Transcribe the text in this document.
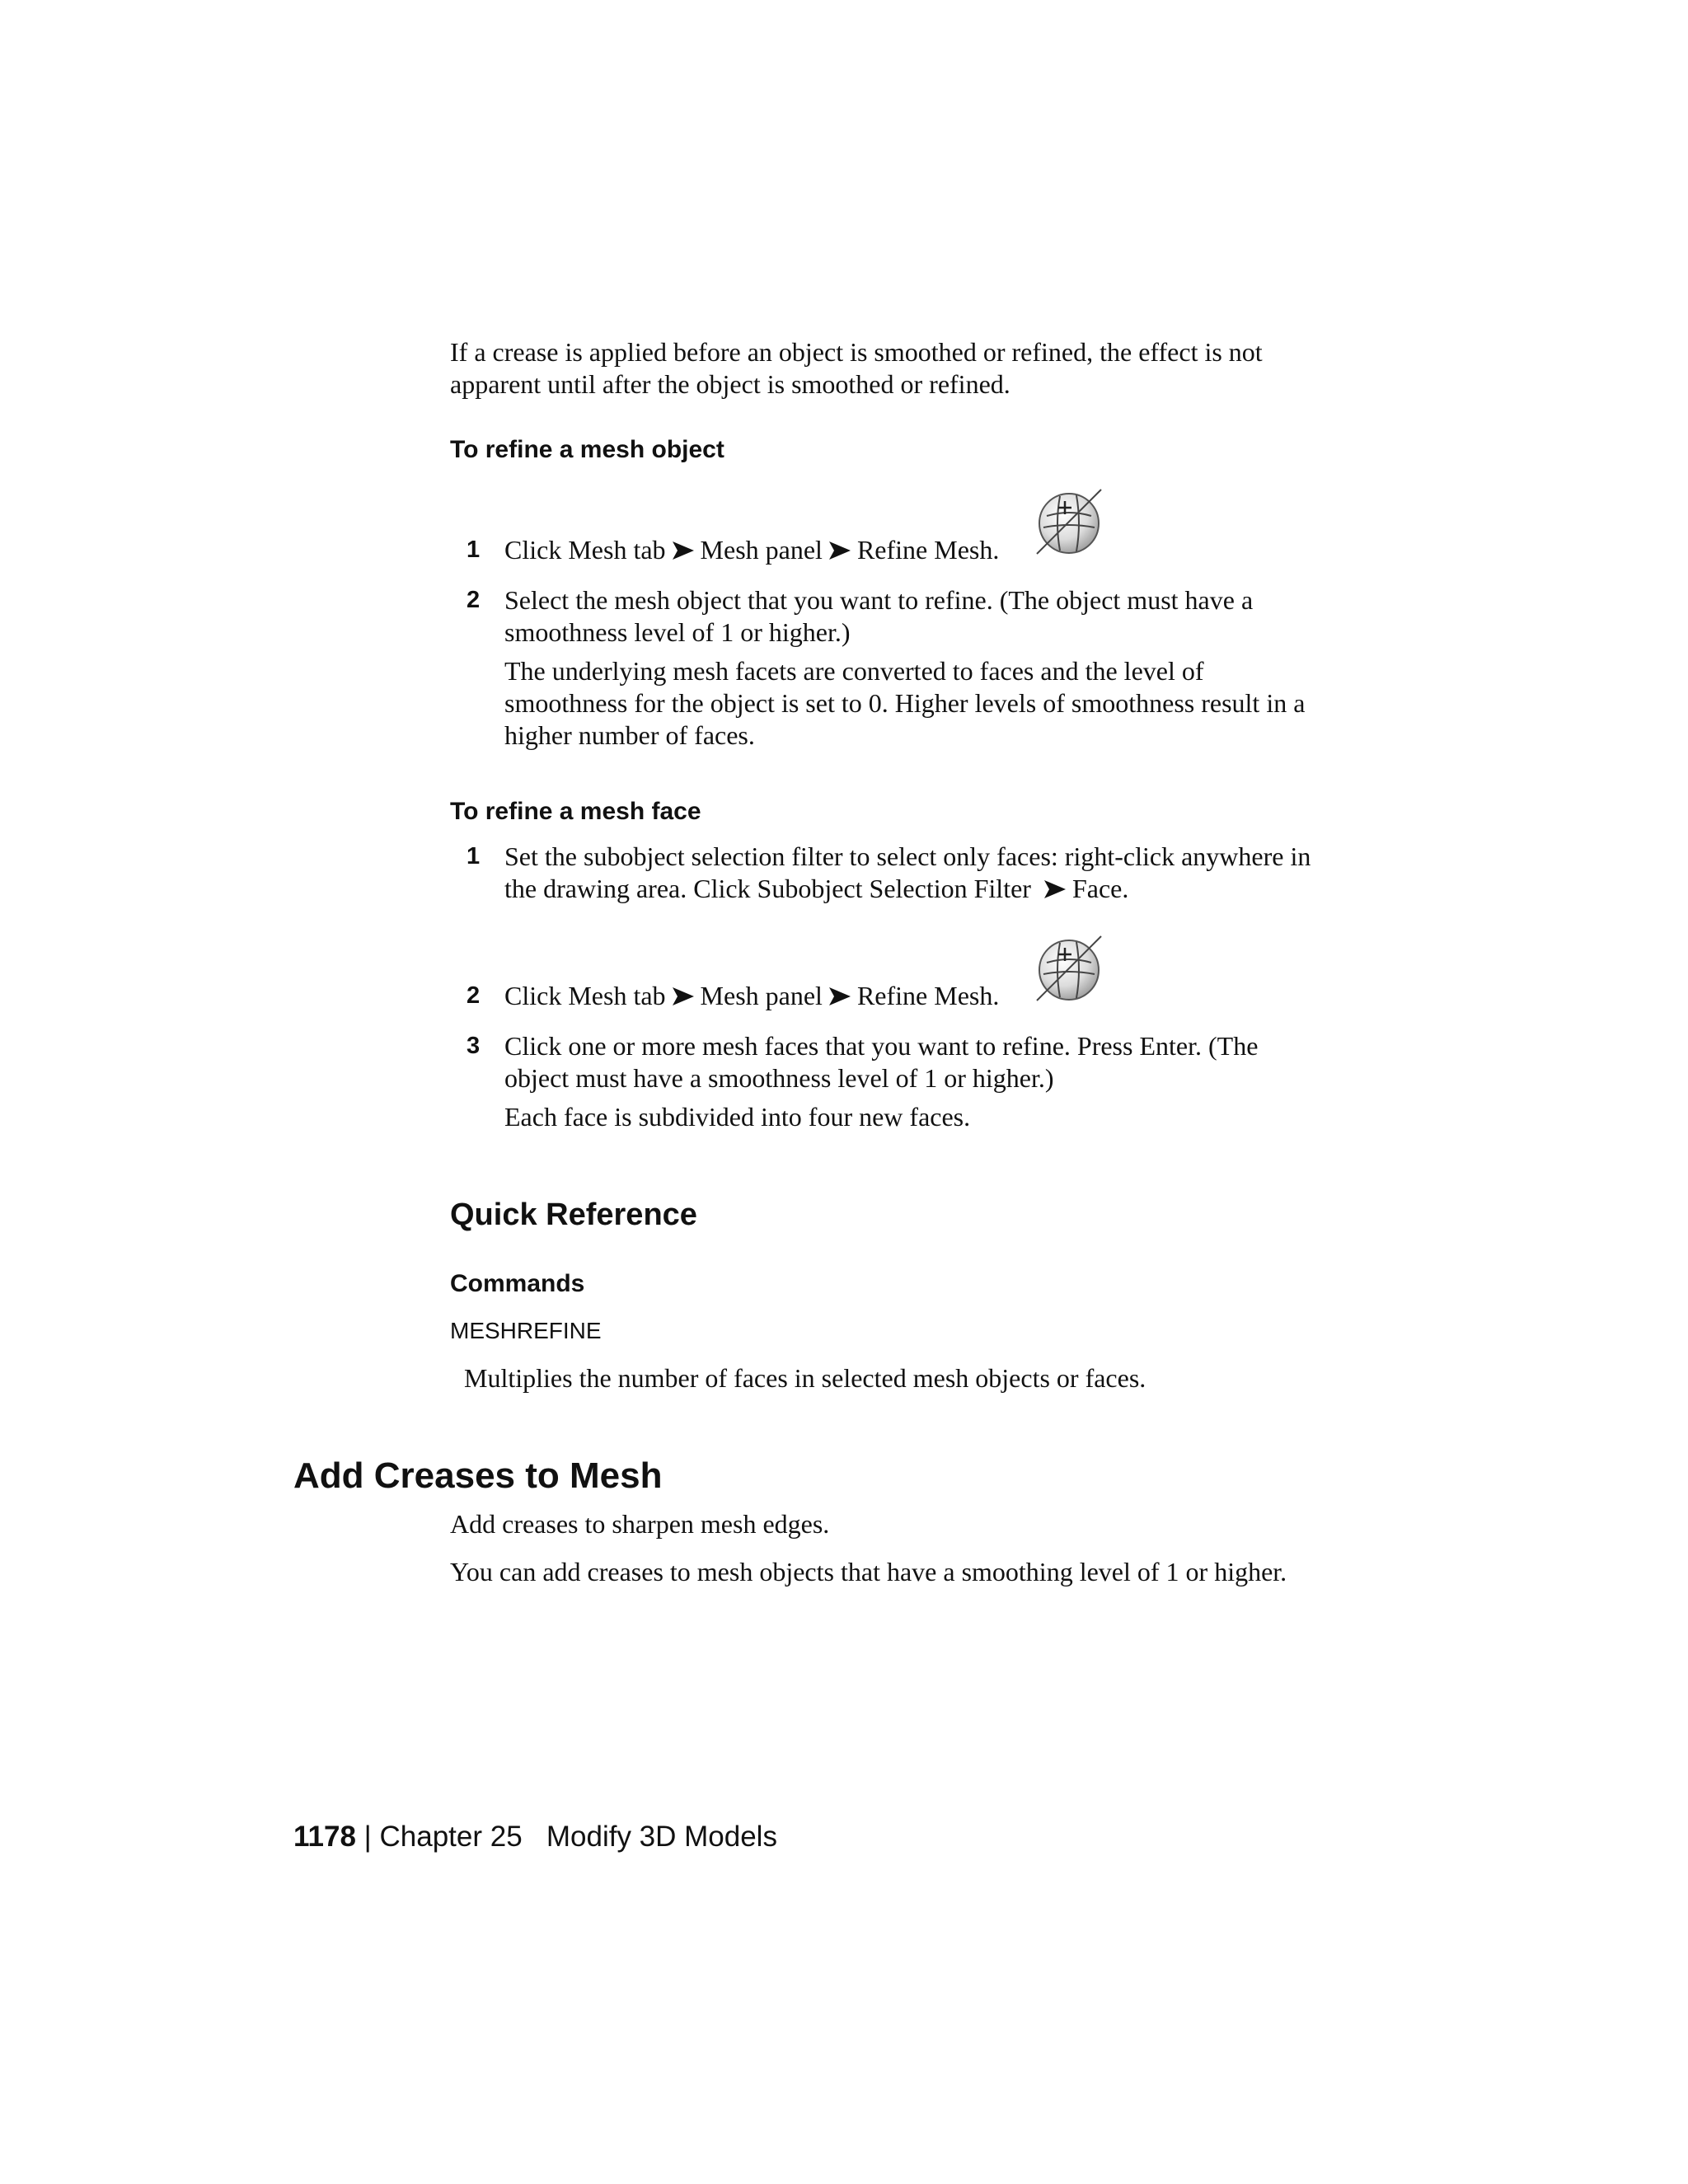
If a crease is applied before an object is smoothed or refined, the effect is not apparent until after the object is smoothed or refined.
To refine a mesh object
1 Click Mesh tab Mesh panel Refine Mesh.
2 Select the mesh object that you want to refine. (The object must have a smoothness level of 1 or higher.)
The underlying mesh facets are converted to faces and the level of smoothness for the object is set to 0. Higher levels of smoothness result in a higher number of faces.
To refine a mesh face
1 Set the subobject selection filter to select only faces: right-click anywhere in the drawing area. Click Subobject Selection Filter Face.
2 Click Mesh tab Mesh panel Refine Mesh.
3 Click one or more mesh faces that you want to refine. Press Enter. (The object must have a smoothness level of 1 or higher.)
Each face is subdivided into four new faces.
Quick Reference
Commands
MESHREFINE
Multiplies the number of faces in selected mesh objects or faces.
Add Creases to Mesh
Add creases to sharpen mesh edges.
You can add creases to mesh objects that have a smoothing level of 1 or higher.
1178 | Chapter 25 Modify 3D Models
